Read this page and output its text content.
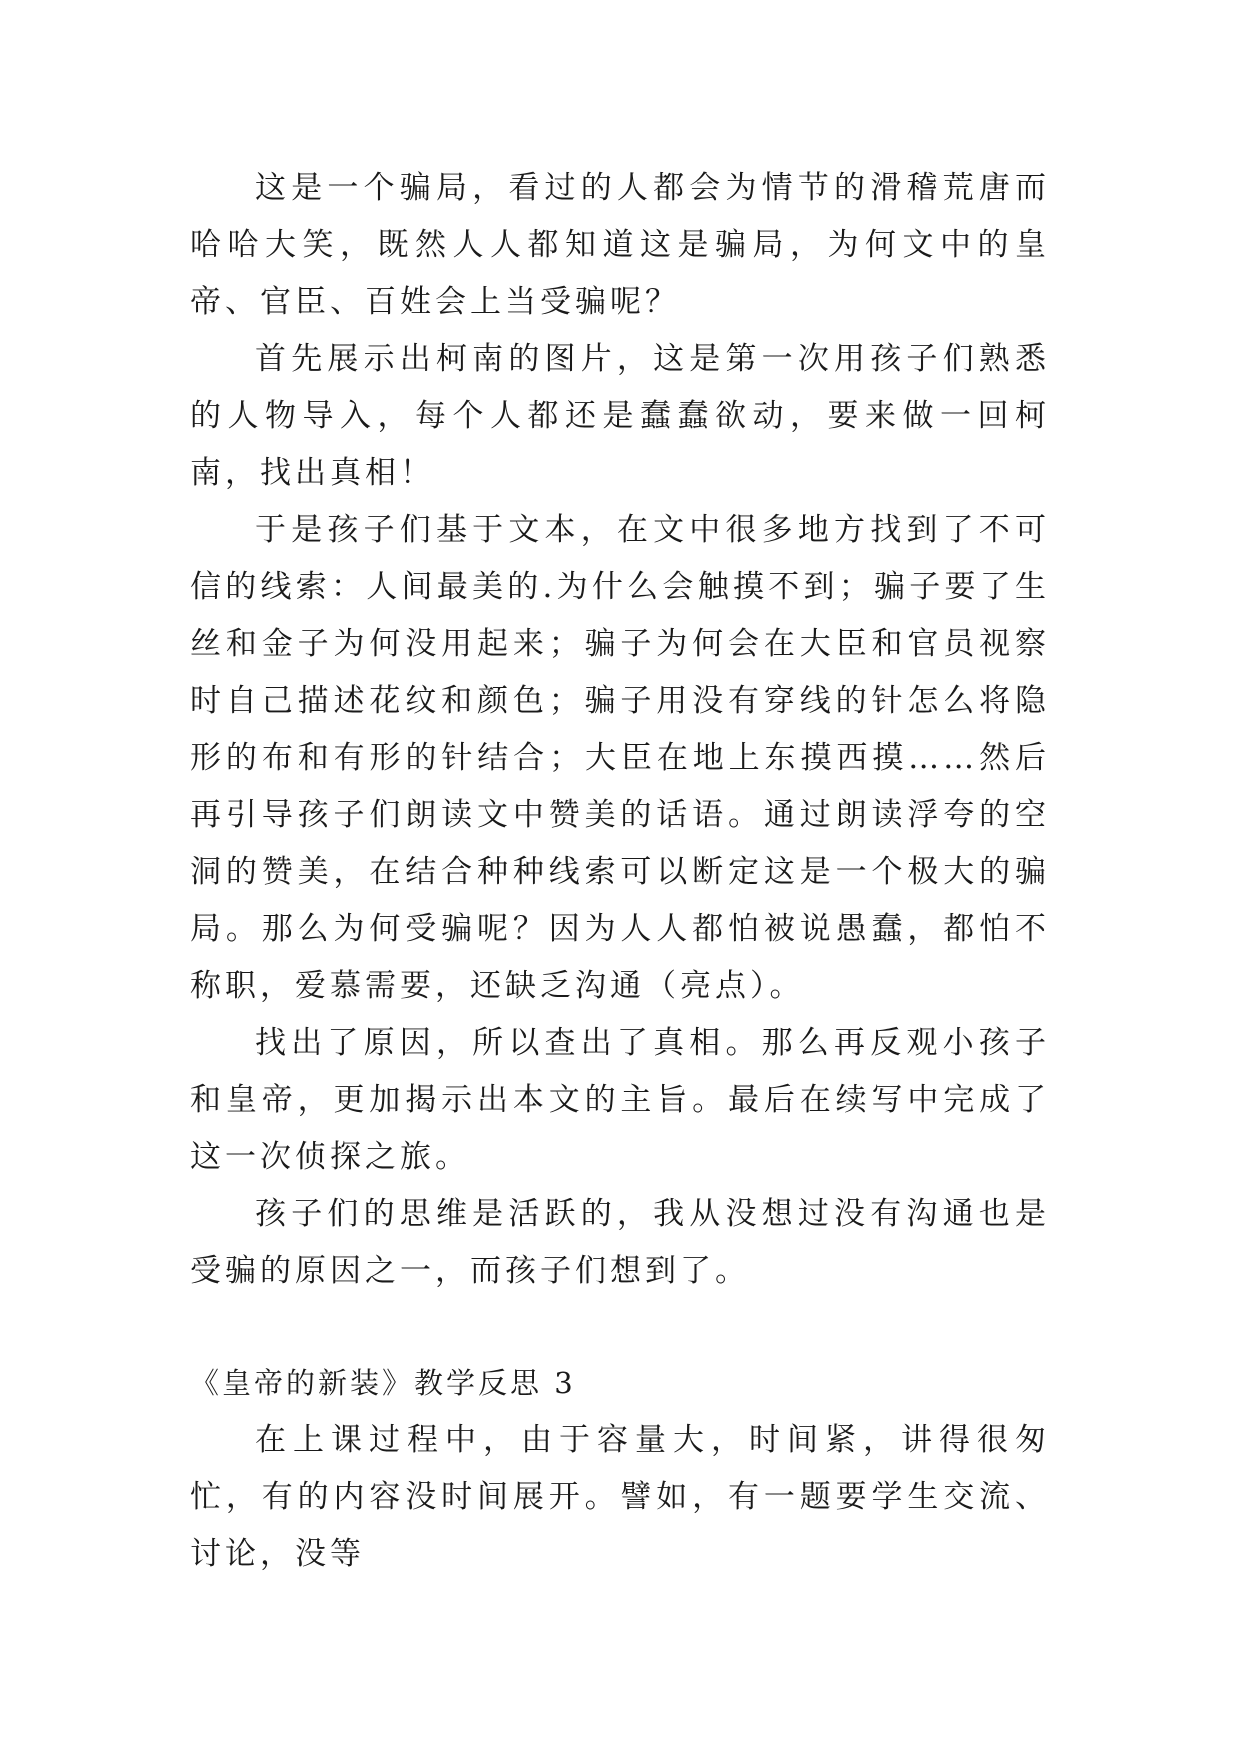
这是一个骗局，看过的人都会为情节的滑稽荒唐而哈哈大笑，既然人人都知道这是骗局，为何文中的皇帝、官臣、百姓会上当受骗呢？

首先展示出柯南的图片，这是第一次用孩子们熟悉的人物导入，每个人都还是蠢蠢欲动，要来做一回柯南，找出真相！

于是孩子们基于文本，在文中很多地方找到了不可信的线索：人间最美的.为什么会触摸不到；骗子要了生丝和金子为何没用起来；骗子为何会在大臣和官员视察时自己描述花纹和颜色；骗子用没有穿线的针怎么将隐形的布和有形的针结合；大臣在地上东摸西摸……然后再引导孩子们朗读文中赞美的话语。通过朗读浮夸的空洞的赞美，在结合种种线索可以断定这是一个极大的骗局。那么为何受骗呢？因为人人都怕被说愚蠢，都怕不称职，爱慕需要，还缺乏沟通（亮点）。

找出了原因，所以查出了真相。那么再反观小孩子和皇帝，更加揭示出本文的主旨。最后在续写中完成了这一次侦探之旅。

孩子们的思维是活跃的，我从没想过没有沟通也是受骗的原因之一，而孩子们想到了。

《皇帝的新装》教学反思 3

在上课过程中，由于容量大，时间紧，讲得很匆忙，有的内容没时间展开。譬如，有一题要学生交流、讨论，没等
